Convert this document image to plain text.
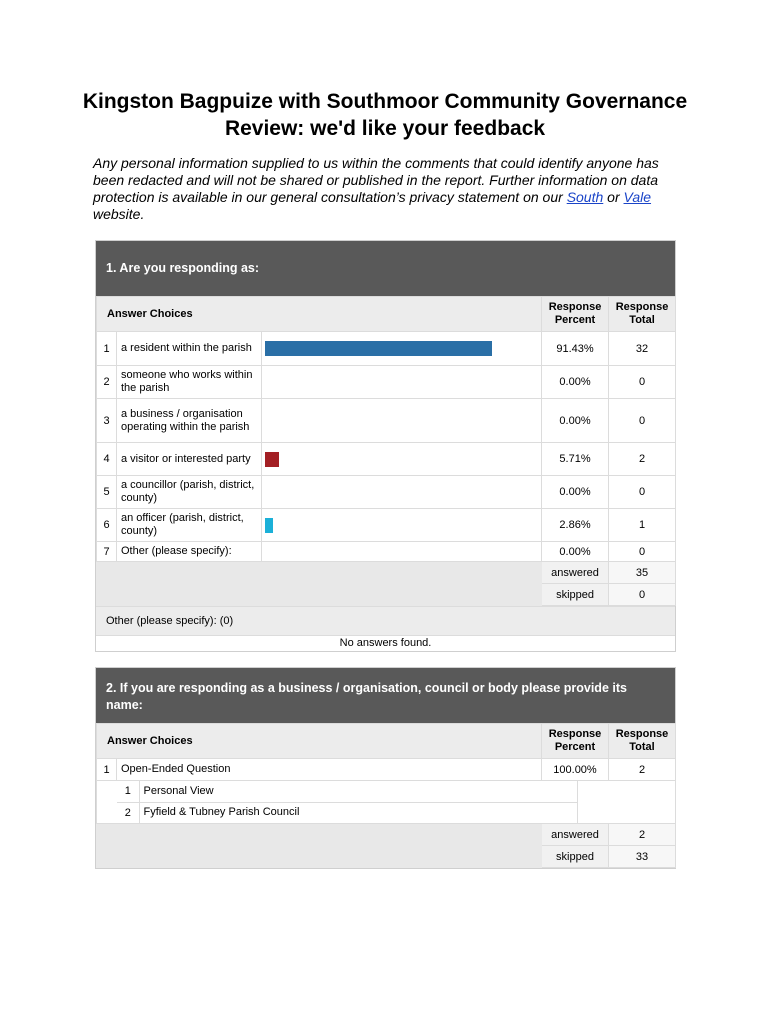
Kingston Bagpuize with Southmoor Community Governance Review: we'd like your feedback
Any personal information supplied to us within the comments that could identify anyone has been redacted and will not be shared or published in the report. Further information on data protection is available in our general consultation’s privacy statement on our South or Vale website.
1. Are you responding as:
Answer Choices			Response Percent	Response Total
1	a resident within the parish		91.43%	32
2	someone who works within the parish		0.00%	0
3	a business / organisation operating within the parish		0.00%	0
4	a visitor or interested party		5.71%	2
5	a councillor (parish, district, county)		0.00%	0
6	an officer (parish, district, county)		2.86%	1
7	Other (please specify):		0.00%	0
			answered	35
			skipped	0
Other (please specify): (0)
No answers found.
2. If you are responding as a business / organisation, council or body please provide its name:
Answer Choices	Response Percent	Response Total
1	Open-Ended Question	100.00%	2

1	Personal View
2	Fyfield & Tubney Parish Council

	answered	2
	skipped	33
